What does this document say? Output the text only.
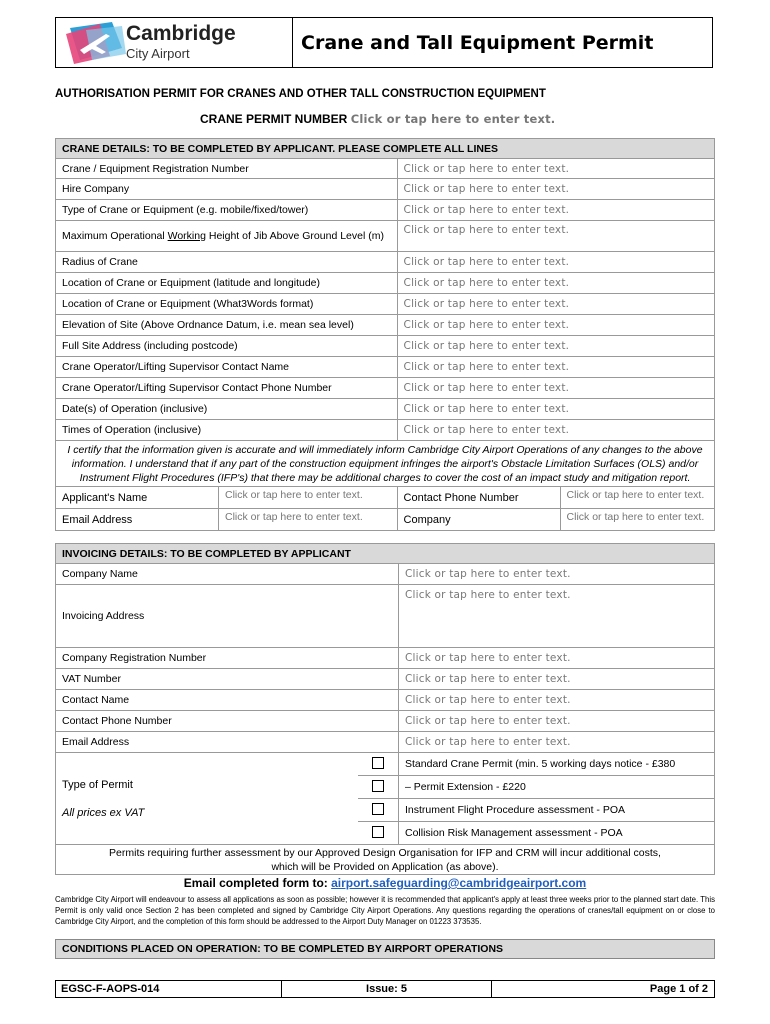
Cambridge
City Airport	Crane and Tall Equipment Permit
AUTHORISATION PERMIT FOR CRANES AND OTHER TALL CONSTRUCTION EQUIPMENT
CRANE PERMIT NUMBER Click or tap here to enter text.
CRANE DETAILS: TO BE COMPLETED BY APPLICANT. PLEASE COMPLETE ALL LINES			
Crane / Equipment Registration Number		Click or tap here to enter text.	
Hire Company		Click or tap here to enter text.	
Type of Crane or Equipment (e.g. mobile/fixed/tower)		Click or tap here to enter text.	
Maximum Operational Working Height of Jib Above Ground Level (m)		Click or tap here to enter text.	
Radius of Crane		Click or tap here to enter text.	
Location of Crane or Equipment (latitude and longitude)		Click or tap here to enter text.	
Location of Crane or Equipment (What3Words format)		Click or tap here to enter text.	
Elevation of Site (Above Ordnance Datum, i.e. mean sea level)		Click or tap here to enter text.	
Full Site Address (including postcode)		Click or tap here to enter text.	
Crane Operator/Lifting Supervisor Contact Name		Click or tap here to enter text.	
Crane Operator/Lifting Supervisor Contact Phone Number		Click or tap here to enter text.	
Date(s) of Operation (inclusive)		Click or tap here to enter text.	
Times of Operation (inclusive)		Click or tap here to enter text.	
I certify that the information given is accurate and will immediately inform Cambridge City Airport Operations of any changes to the above information. I understand that if any part of the construction equipment infringes the airport's Obstacle Limitation Surfaces (OLS) and/or Instrument Flight Procedures (IFP's) that there may be additional charges to cover the cost of an impact study and mitigation report.			
Applicant's Name	Click or tap here to enter text.	Contact Phone Number	Click or tap here to enter text.
Email Address	Click or tap here to enter text.	Company	Click or tap here to enter text.
INVOICING DETAILS: TO BE COMPLETED BY APPLICANT		
Company Name		Click or tap here to enter text.
Invoicing Address		Click or tap here to enter text.
Company Registration Number		Click or tap here to enter text.
VAT Number		Click or tap here to enter text.
Contact Name		Click or tap here to enter text.
Contact Phone Number		Click or tap here to enter text.
Email Address		Click or tap here to enter text.

Type of Permit
All prices ex VAT		Standard Crane Permit (min. 5 working days notice - £380
		– Permit Extension - £220
		Instrument Flight Procedure assessment - POA
		Collision Risk Management assessment - POA
Permits requiring further assessment by our Approved Design Organisation for IFP and CRM will incur additional costs, which will be Provided on Application (as above).		
Email completed form to: airport.safeguarding@cambridgeairport.com
Cambridge City Airport will endeavour to assess all applications as soon as possible; however it is recommended that applicant's apply at least three weeks prior to the planned start date. This Permit is only valid once Section 2 has been completed and signed by Cambridge City Airport Operations. Any questions regarding the operations of cranes/tall equipment on or close to Cambridge City Airport, and the completion of this form should be addressed to the Airport Duty Manager on 01223 373535.
CONDITIONS PLACED ON OPERATION: TO BE COMPLETED BY AIRPORT OPERATIONS
EGSC-F-AOPS-014	Issue: 5	Page 1 of 2
